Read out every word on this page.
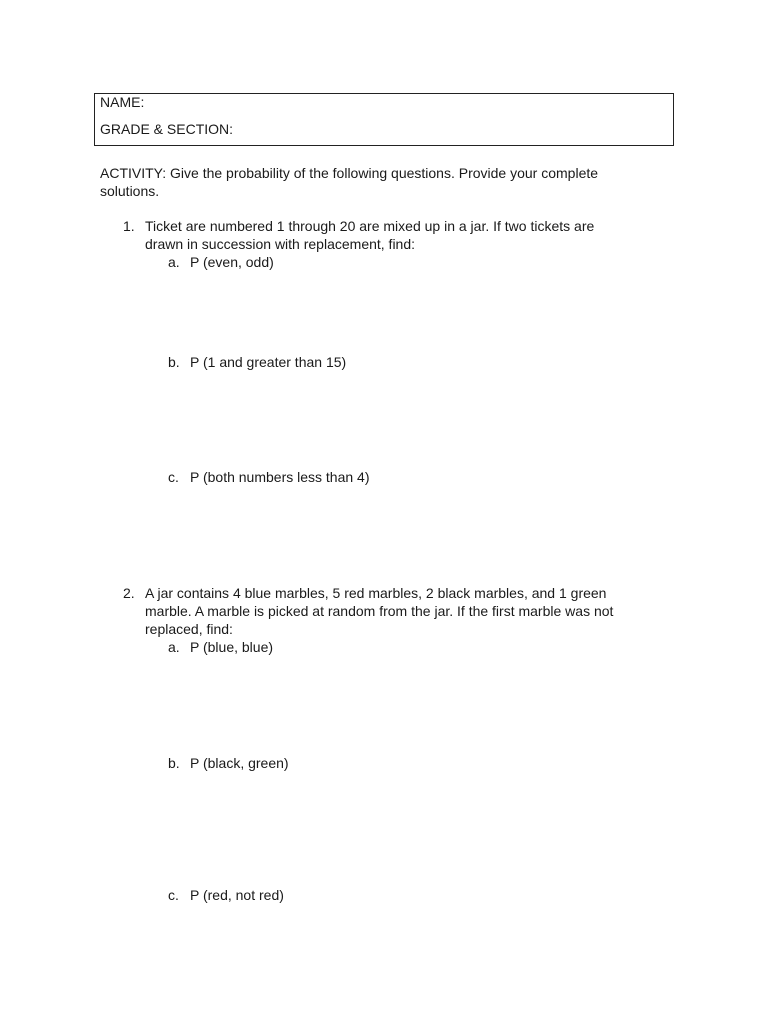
NAME:
GRADE & SECTION:
ACTIVITY: Give the probability of the following questions. Provide your complete
solutions.
1. Ticket are numbered 1 through 20 are mixed up in a jar. If two tickets are
drawn in succession with replacement, find:
a. P (even, odd)
b. P (1 and greater than 15)
c. P (both numbers less than 4)
2. A jar contains 4 blue marbles, 5 red marbles, 2 black marbles, and 1 green
marble. A marble is picked at random from the jar. If the first marble was not
replaced, find:
a. P (blue, blue)
b. P (black, green)
c. P (red, not red)
